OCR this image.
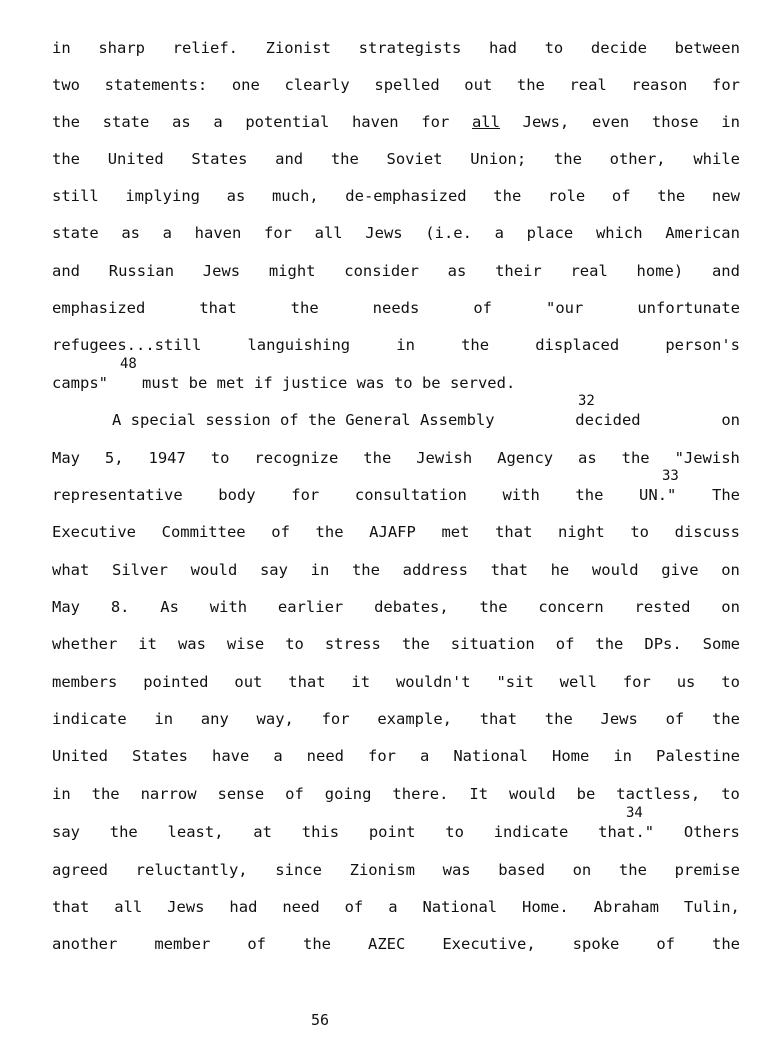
in sharp relief. Zionist strategists had to decide between
two statements: one clearly spelled out the real reason for
the state as a potential haven for all Jews, even those in
the United States and the Soviet Union; the other, while
still implying as much, de-emphasized the role of the new
state as a haven for all Jews (i.e. a place which American
and Russian Jews might consider as their real home) and
emphasized	that	the	needs	of	"our	unfortunate
refugees...still	languishing	in	the	displaced	person's
48
camps" must be met if justice was to be served.
32
A special session of the General Assembly	decided	on
May 5, 1947 to recognize the Jewish Agency as the "Jewish
33
representative body for consultation with the UN." The
Executive Committee of the AJAFP met that night to discuss
what Silver would say in the address that he would give on
May 8. As with earlier debates, the concern rested on
whether it was wise to stress the situation of the DPs. Some
members pointed out that it wouldn't "sit well for us to
indicate in any way, for example, that the Jews of the
United States have a need for a National Home in Palestine
in the narrow sense of going there. It would be tactless, to
34
say the least, at this point to indicate that." Others
agreed reluctantly, since Zionism was based on the premise
that all Jews had need of a National Home. Abraham Tulin,
another member of the AZEC Executive, spoke of the
56
